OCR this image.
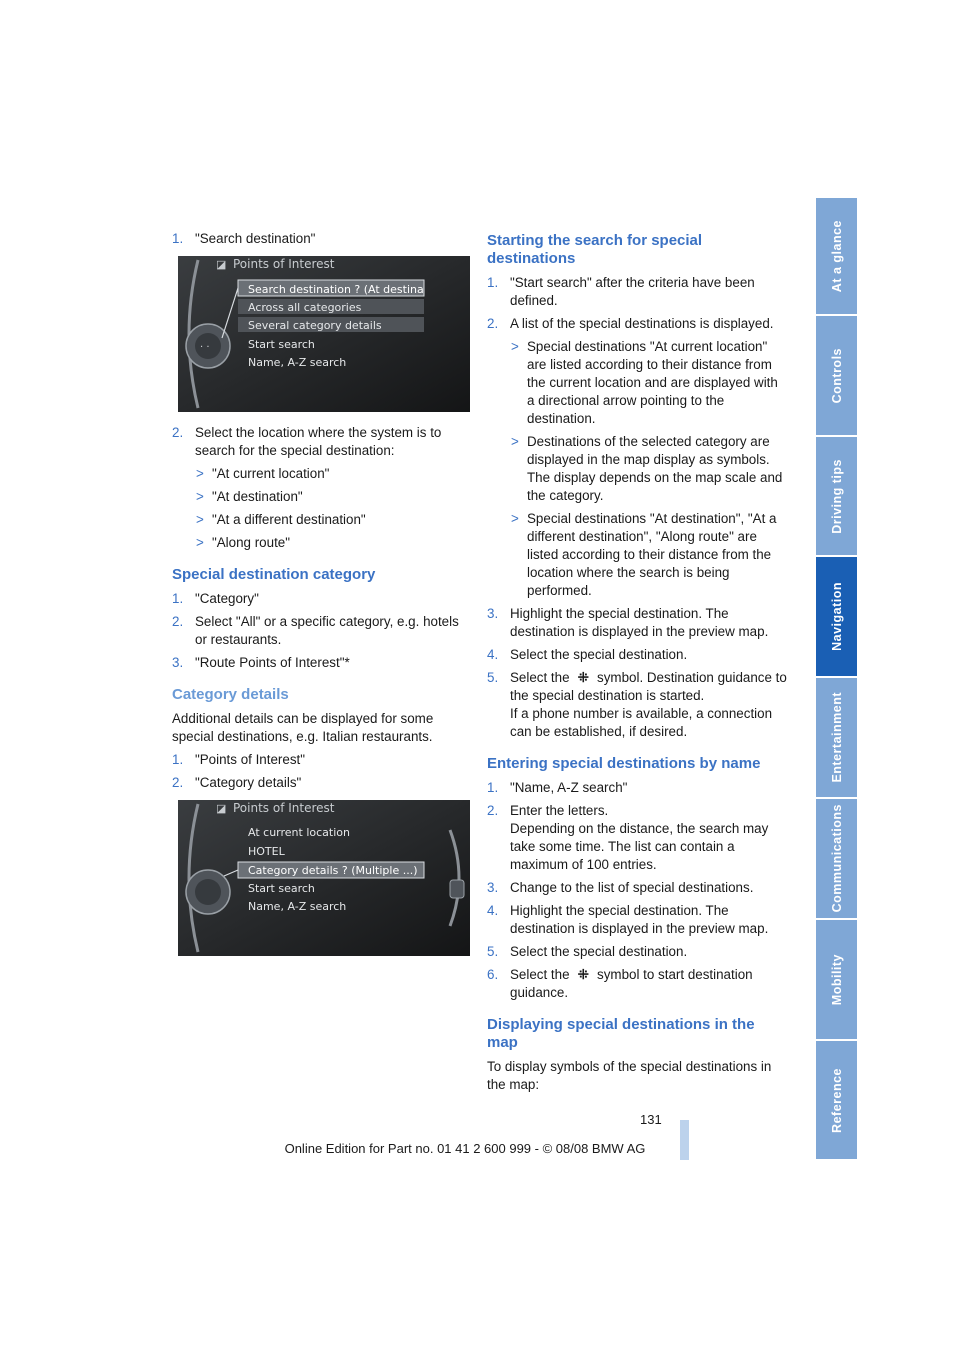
1. "Search destination"
· ·
Points of Interest
◪
Search destination ? (At destina
Across all categories
Several category details
Start search
Name, A-Z search
2. Select the location where the system is to search for the special destination:
> "At current location"
> "At destination"
> "At a different destination"
> "Along route"
Special destination category
1. "Category"
2. Select "All" or a specific category, e.g. hotels or restaurants.
3. "Route Points of Interest"*
Category details

Additional details can be displayed for some special destinations, e.g. Italian restaurants.

1. "Points of Interest"
2. "Category details"
Points of Interest
◪
At current location
HOTEL
Category details ? (Multiple ...)
Start search
Name, A-Z search
Starting the search for special destinations
1. "Start search" after the criteria have been defined.
2. A list of the special destinations is displayed.
> Special destinations "At current location" are listed according to their distance from the current location and are displayed with a directional arrow pointing to the destination.
> Destinations of the selected category are displayed in the map display as symbols. The display depends on the map scale and the category.
> Special destinations "At destination", "At a different destination", "Along route" are listed according to their distance from the location where the search is being performed.
3. Highlight the special destination. The destination is displayed in the preview map.
4. Select the special destination.
5. Select the ⁜ symbol. Destination guidance to the special destination is started.
If a phone number is available, a connection can be established, if desired.
Entering special destinations by name
1. "Name, A-Z search"
2. Enter the letters.
Depending on the distance, the search may take some time. The list can contain a maximum of 100 entries.
3. Change to the list of special destinations.
4. Highlight the special destination. The destination is displayed in the preview map.
5. Select the special destination.
6. Select the ⁜ symbol to start destination guidance.
Displaying special destinations in the map

To display symbols of the special destinations in the map:

At a glance
Controls
Driving tips
Navigation
Entertainment
Communications
Mobility
Reference
131
Online Edition for Part no. 01 41 2 600 999 - © 08/08 BMW AG
